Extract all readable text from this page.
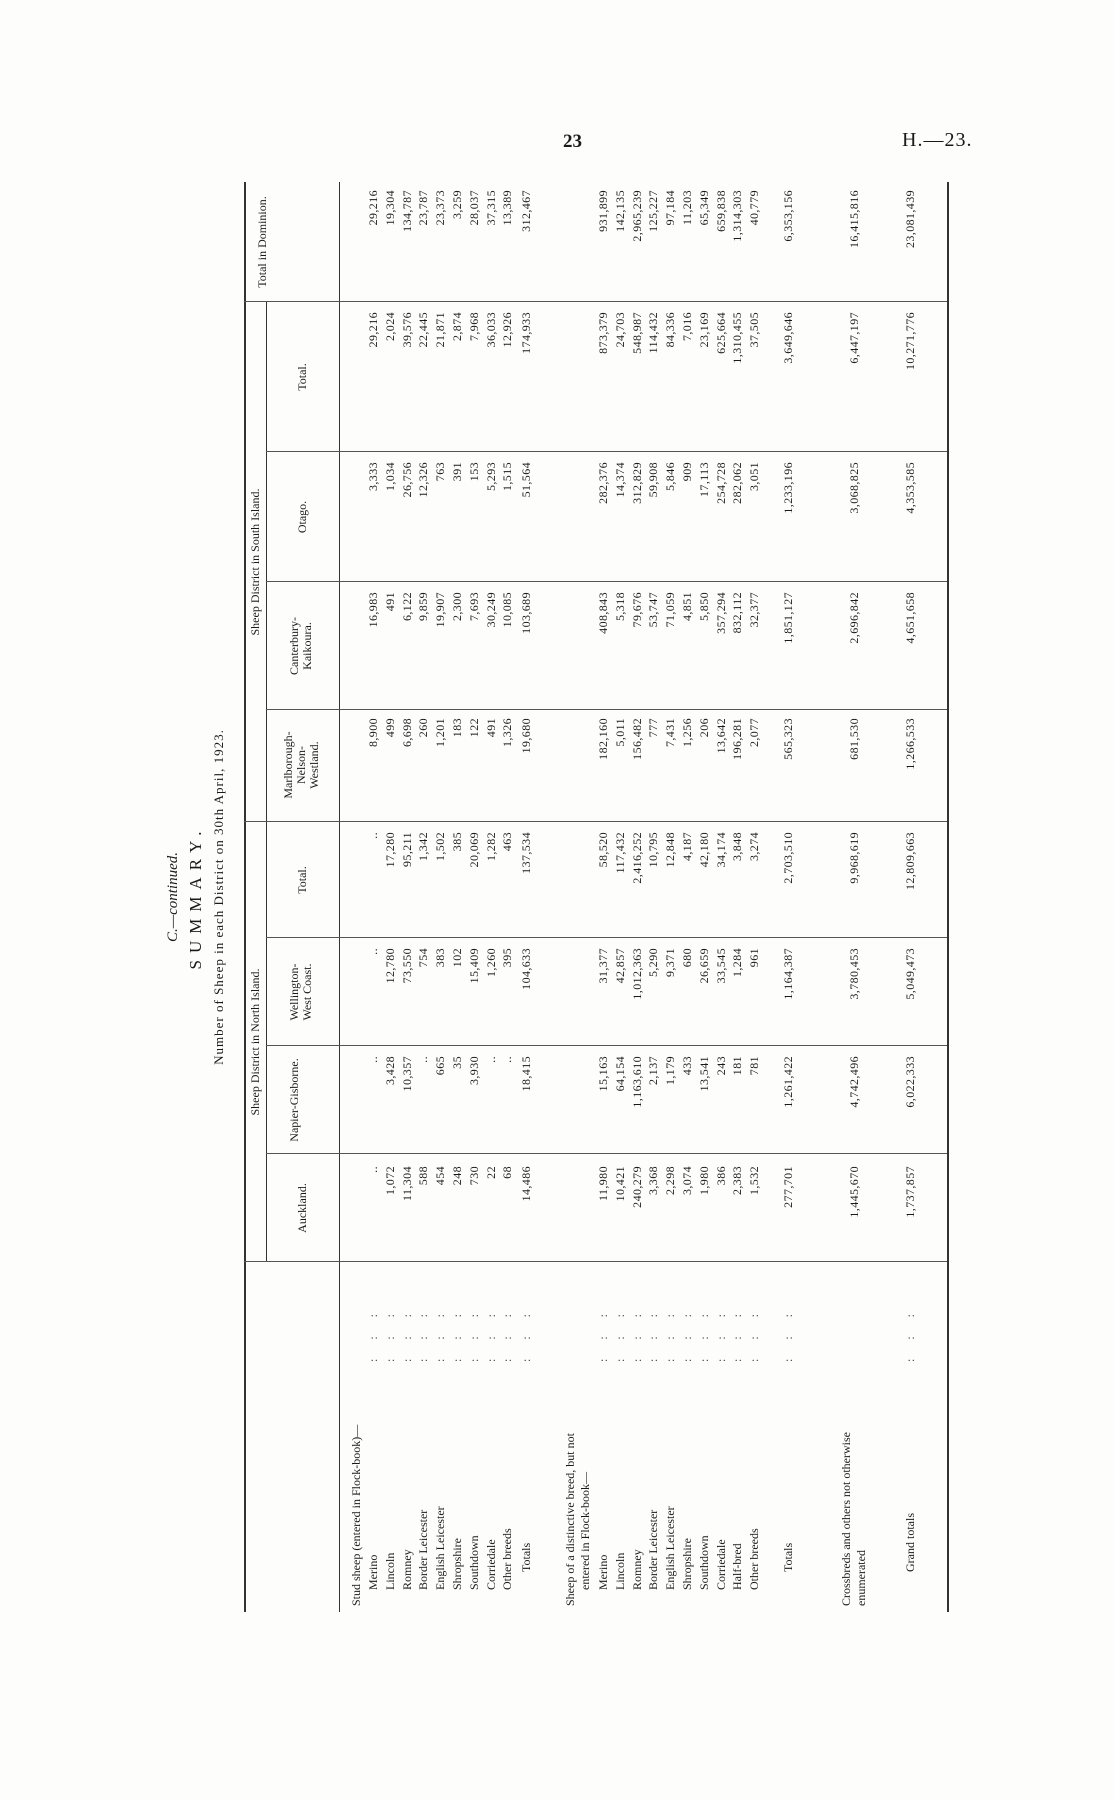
23	H.—23.
C.—continued. SUMMARY. Number of Sheep in each District on 30th April, 1923.	Sheep District in North Island.
Sheep District in South Island.
Auckland.
Napier-Gisborne.
Wellington-West Coast.
Total.
Marlborough-Nelson-Westland.
Canterbury-Kaikoura.
Otago.
Total.
Total in Dominion.
Stud sheep (entered in Flock-book)— Merino
: : :
..
..
..
..
8,900
16,983
3,333
29,216
29,216
Lincoln
: : :
1,072
3,428
12,780
17,280
499
491
1,034
2,024
19,304
Romney
: : :
11,304
10,357
73,550
95,211
6,698
6,122
26,756
39,576
134,787
Border Leicester
: : :
588
..
754
1,342
260
9,859
12,326
22,445
23,787
English Leicester
: : :
454
665
383
1,502
1,201
19,907
763
21,871
23,373
Shropshire
: : :
248
35
102
385
183
2,300
391
2,874
3,259
Southdown
: : :
730
3,930
15,409
20,069
122
7,693
153
7,968
28,037
Corriedale
: : :
22
..
1,260
1,282
491
30,249
5,293
36,033
37,315
Other breeds
: : :
68
..
395
463
1,326
10,085
1,515
12,926
13,389
Totals
: : :
14,486
18,415
104,633
137,534
19,680
103,689
51,564
174,933
312,467
Sheep of a distinctive breed, but not entered in Flock-book— Merino
: : :
11,980
15,163
31,377
58,520
182,160
408,843
282,376
873,379
931,899
Lincoln
: : :
10,421
64,154
42,857
117,432
5,011
5,318
14,374
24,703
142,135
Romney
: : :
240,279
1,163,610
1,012,363
2,416,252
156,482
79,676
312,829
548,987
2,965,239
Border Leicester
: : :
3,368
2,137
5,290
10,795
777
53,747
59,908
114,432
125,227
English Leicester
: : :
2,298
1,179
9,371
12,848
7,431
71,059
5,846
84,336
97,184
Shropshire
: : :
3,074
433
680
4,187
1,256
4,851
909
7,016
11,203
Southdown
: : :
1,980
13,541
26,659
42,180
206
5,850
17,113
23,169
65,349
Corriedale
: : :
386
243
33,545
34,174
13,642
357,294
254,728
625,664
659,838
Half-bred
: : :
2,383
181
1,284
3,848
196,281
832,112
282,062
1,310,455
1,314,303
Other breeds
: : :
1,532
781
961
3,274
2,077
32,377
3,051
37,505
40,779
Totals
: : :
277,701
1,261,422
1,164,387
2,703,510
565,323
1,851,127
1,233,196
3,649,646
6,353,156
Crossbreds and others not otherwise enumerated
1,445,670
4,742,496
3,780,453
9,968,619
681,530
2,696,842
3,068,825
6,447,197
16,415,816
Grand totals
: : :
1,737,857
6,022,333
5,049,473
12,809,663
1,266,533
4,651,658
4,353,585
10,271,776
23,081,439
